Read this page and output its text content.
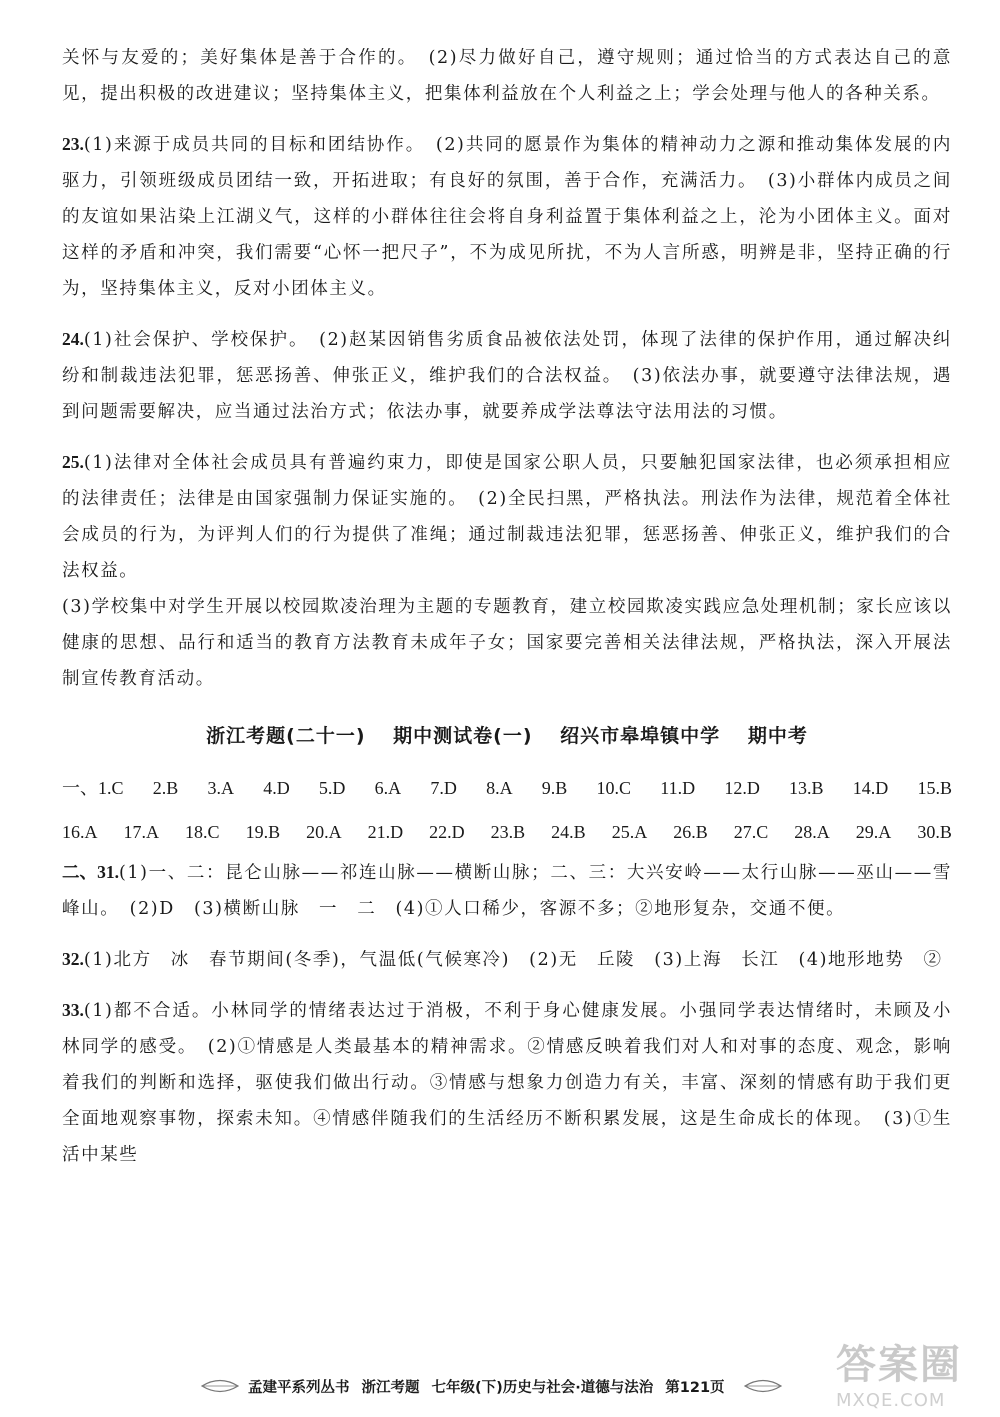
关怀与友爱的；美好集体是善于合作的。　(2)尽力做好自己，遵守规则；通过恰当的方式表达自己的意见，提出积极的改进建议；坚持集体主义，把集体利益放在个人利益之上；学会处理与他人的各种关系。

23.(1)来源于成员共同的目标和团结协作。　(2)共同的愿景作为集体的精神动力之源和推动集体发展的内驱力，引领班级成员团结一致，开拓进取；有良好的氛围，善于合作，充满活力。　(3)小群体内成员之间的友谊如果沾染上江湖义气，这样的小群体往往会将自身利益置于集体利益之上，沦为小团体主义。面对这样的矛盾和冲突，我们需要“心怀一把尺子”，不为成见所扰，不为人言所惑，明辨是非，坚持正确的行为，坚持集体主义，反对小团体主义。

24.(1)社会保护、学校保护。　(2)赵某因销售劣质食品被依法处罚，体现了法律的保护作用，通过解决纠纷和制裁违法犯罪，惩恶扬善、伸张正义，维护我们的合法权益。　(3)依法办事，就要遵守法律法规，遇到问题需要解决，应当通过法治方式；依法办事，就要养成学法尊法守法用法的习惯。

25.(1)法律对全体社会成员具有普遍约束力，即使是国家公职人员，只要触犯国家法律，也必须承担相应的法律责任；法律是由国家强制力保证实施的。　(2)全民扫黑，严格执法。刑法作为法律，规范着全体社会成员的行为，为评判人们的行为提供了准绳；通过制裁违法犯罪，惩恶扬善、伸张正义，维护我们的合法权益。

(3)学校集中对学生开展以校园欺凌治理为主题的专题教育，建立校园欺凌实践应急处理机制；家长应该以健康的思想、品行和适当的教育方法教育未成年子女；国家要完善相关法律法规，严格执法，深入开展法制宣传教育活动。

浙江考题(二十一) 期中测试卷(一) 绍兴市皋埠镇中学 期中考
一、1.C 2.B 3.A 4.D 5.D 6.A 7.D 8.A 9.B 10.C 11.D 12.D 13.B 14.D 15.B
16.A 17.A 18.C 19.B 20.A 21.D 22.D 23.B 24.B 25.A 26.B 27.C 28.A 29.A 30.B

二、31.(1)一、二：昆仑山脉——祁连山脉——横断山脉；二、三：大兴安岭——太行山脉——巫山——雪峰山。　(2)D　(3)横断山脉　一　二　(4)①人口稀少，客源不多；②地形复杂，交通不便。

32.(1)北方　冰　春节期间(冬季)，气温低(气候寒冷)　(2)无　丘陵　(3)上海　长江　(4)地形地势　②

33.(1)都不合适。小林同学的情绪表达过于消极，不利于身心健康发展。小强同学表达情绪时，未顾及小林同学的感受。　(2)①情感是人类最基本的精神需求。②情感反映着我们对人和对事的态度、观念，影响着我们的判断和选择，驱使我们做出行动。③情感与想象力创造力有关，丰富、深刻的情感有助于我们更全面地观察事物，探索未知。④情感伴随我们的生活经历不断积累发展，这是生命成长的体现。　(3)①生活中某些

孟建平系列丛书 浙江考题 七年级(下)历史与社会·道德与法治 第121页	答案圈
MXQE.COM
